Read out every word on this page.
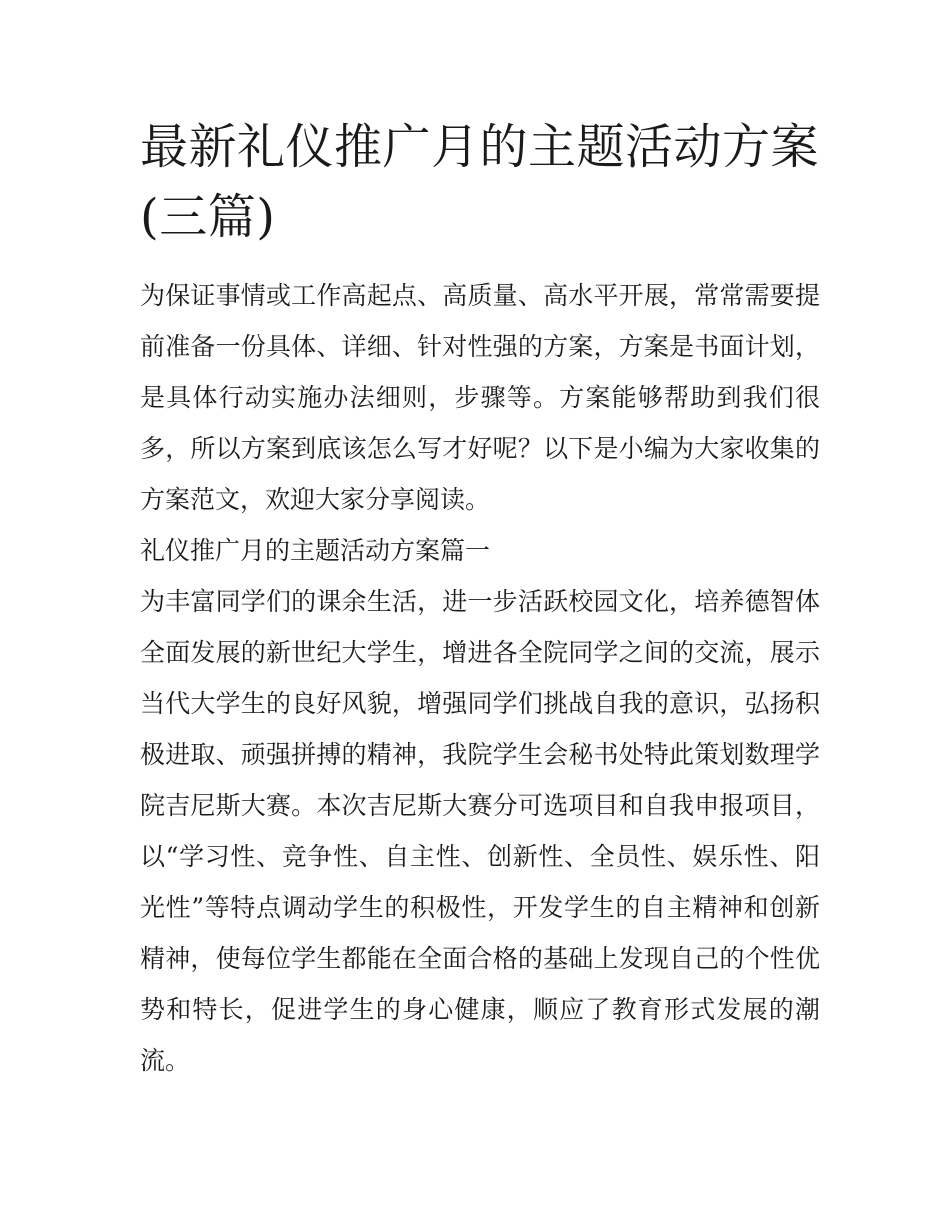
最新礼仪推广月的主题活动方案(三篇)

为保证事情或工作高起点、高质量、高水平开展，常常需要提前准备一份具体、详细、针对性强的方案，方案是书面计划，是具体行动实施办法细则，步骤等。方案能够帮助到我们很多，所以方案到底该怎么写才好呢？以下是小编为大家收集的方案范文，欢迎大家分享阅读。

礼仪推广月的主题活动方案篇一

为丰富同学们的课余生活，进一步活跃校园文化，培养德智体全面发展的新世纪大学生，增进各全院同学之间的交流，展示当代大学生的良好风貌，增强同学们挑战自我的意识，弘扬积极进取、顽强拼搏的精神，我院学生会秘书处特此策划数理学院吉尼斯大赛。本次吉尼斯大赛分可选项目和自我申报项目，以“学习性、竞争性、自主性、创新性、全员性、娱乐性、阳光性”等特点调动学生的积极性，开发学生的自主精神和创新精神，使每位学生都能在全面合格的基础上发现自己的个性优势和特长，促进学生的身心健康，顺应了教育形式发展的潮流。
